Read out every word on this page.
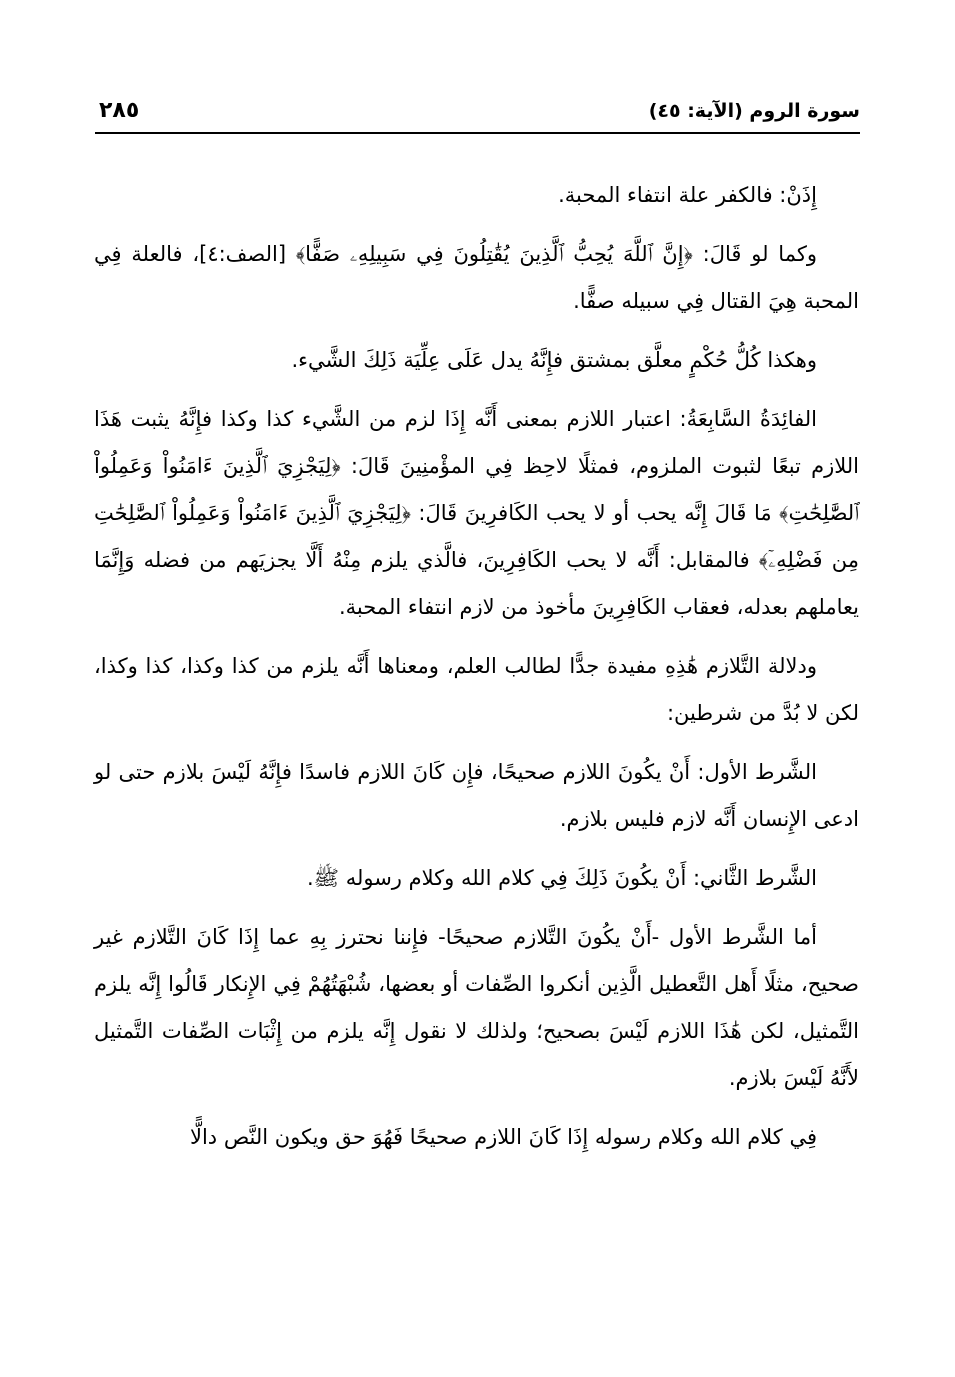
سورة الروم (الآية: ٤٥)
٢٨٥

إِذَنْ: فالكفر علة انتفاء المحبة.

وكما لو قَالَ: ﴿إِنَّ ٱللَّهَ يُحِبُّ ٱلَّذِينَ يُقَٰتِلُونَ فِي سَبِيلِهِۦ صَفًّا﴾ [الصف:٤]، فالعلة فِي المحبة هِيَ القتال فِي سبيله صفًّا.

وهكذا كُلُّ حُكْمٍ معلَّق بمشتق فإِنَّهُ يدل عَلَى عِلِّيَة ذَلِكَ الشَّيء.

الفائِدَةُ السَّابِعَةُ: اعتبار اللازم بمعنى أَنَّه إِذَا لزم من الشَّيء كذا وكذا فإِنَّهُ يثبت هَذَا اللازم تبعًا لثبوت الملزوم، فمثلًا لاحِظ فِي المؤْمنِينَ قَالَ: ﴿لِيَجْزِيَ ٱلَّذِينَ ءَامَنُواْ وَعَمِلُواْ ٱلصَّٰلِحَٰتِ﴾ مَا قَالَ إِنَّه يحب أو لا يحب الكَافرِينَ قَالَ: ﴿لِيَجْزِيَ ٱلَّذِينَ ءَامَنُواْ وَعَمِلُواْ ٱلصَّٰلِحَٰتِ مِن فَضْلِهِۦٓ﴾ فالمقابل: أَنَّه لا يحب الكَافِرِينَ، فالَّذي يلزم مِنْهُ أَلَّا يجزيَهم من فضله وَإِنَّمَا يعاملهم بعدله، فعقاب الكَافِرِينَ مأخوذ من لازم انتفاء المحبة.

ودلالة التَّلازم هَٰذِهِ مفيدة جدًّا لطالب العلم، ومعناها أَنَّه يلزم من كذا وكذا، كذا وكذا، لكن لا بُدَّ من شرطين:

الشَّرط الأول: أَنْ يكُونَ اللازم صحيحًا، فإِن كَانَ اللازم فاسدًا فإِنَّهُ لَيْسَ بلازم حتى لو ادعى الإِنسان أَنَّه لازم فليس بلازم.

الشَّرط الثَّاني: أَنْ يكُونَ ذَلِكَ فِي كلام الله وكلام رسوله ﷺ.

أما الشَّرط الأول -أَنْ يكُونَ التَّلازم صحيحًا- فإِننا نحترز بِهِ عما إِذَا كَانَ التَّلازم غير صحيح، مثلًا أَهل التَّعطيل الَّذِين أنكروا الصِّفات أو بعضها، شُبْهَتُهُمْ فِي الإِنكار قَالُوا إِنَّه يلزم التَّمثيل، لكن هَٰذَا اللازم لَيْسَ بصحيح؛ ولذلك لا نقول إِنَّه يلزم من إِثْبَات الصِّفات التَّمثيل لأَنَّهُ لَيْسَ بلازم.

فِي كلام الله وكلام رسوله إِذَا كَانَ اللازم صحيحًا فَهُوَ حق ويكون النَّص دالًّا
